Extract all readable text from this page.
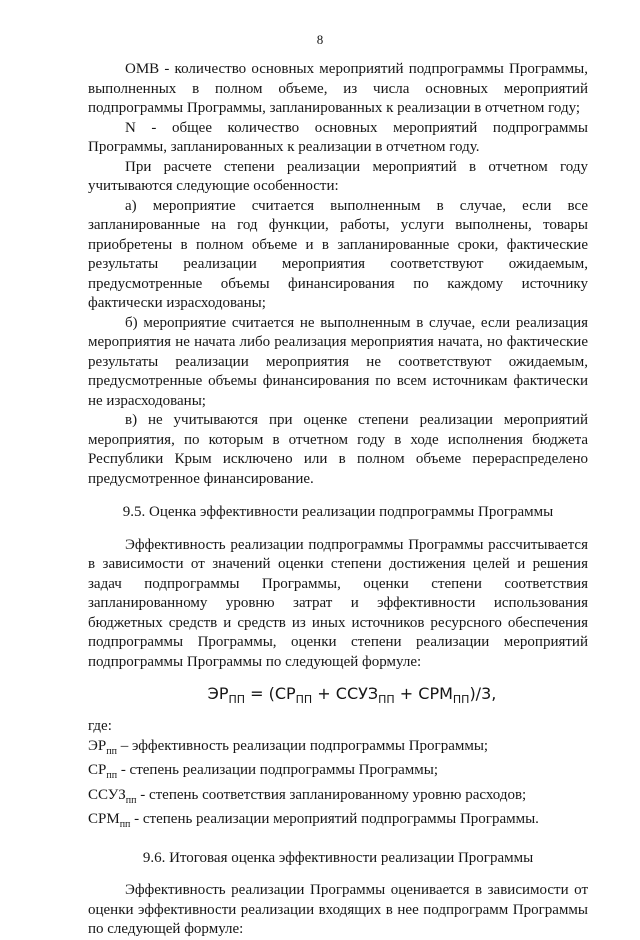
8

ОМВ - количество основных мероприятий подпрограммы Программы, выполненных в полном объеме, из числа основных мероприятий подпрограммы Программы, запланированных к реализации в отчетном году;

N - общее количество основных мероприятий подпрограммы Программы, запланированных к реализации в отчетном году.

При расчете степени реализации мероприятий в отчетном году учитываются следующие особенности:

а) мероприятие считается выполненным в случае, если все запланированные на год функции, работы, услуги выполнены, товары приобретены в полном объеме и в запланированные сроки, фактические результаты реализации мероприятия соответствуют ожидаемым, предусмотренные объемы финансирования по каждому источнику фактически израсходованы;

б) мероприятие считается не выполненным в случае, если реализация мероприятия не начата либо реализация мероприятия начата, но фактические результаты реализации мероприятия не соответствуют ожидаемым, предусмотренные объемы финансирования по всем источникам фактически не израсходованы;

в) не учитываются при оценке степени реализации мероприятий мероприятия, по которым в отчетном году в ходе исполнения бюджета Республики Крым исключено или в полном объеме перераспределено предусмотренное финансирование.

9.5. Оценка эффективности реализации подпрограммы Программы

Эффективность реализации подпрограммы Программы рассчитывается в зависимости от значений оценки степени достижения целей и решения задач подпрограммы Программы, оценки степени соответствия запланированному уровню затрат и эффективности использования бюджетных средств и средств из иных источников ресурсного обеспечения подпрограммы Программы, оценки степени реализации мероприятий подпрограммы Программы по следующей формуле:

$ЭР_{ПП} = (СР_{ПП}$ + $ССУЗ_{ПП} + СРМ_{ПП})/3$,

где:

$ЭР_{пп}$ – эффективность реализации подпрограммы Программы;

$СР_{пп}$ - степень реализации подпрограммы Программы;

$ССУЗ_{пп}$ - степень соответствия запланированному уровню расходов;

$СРМ_{пп}$ - степень реализации мероприятий подпрограммы Программы.

9.6. Итоговая оценка эффективности реализации Программы

Эффективность реализации Программы оценивается в зависимости от оценки эффективности реализации входящих в нее подпрограмм Программы по следующей формуле:
